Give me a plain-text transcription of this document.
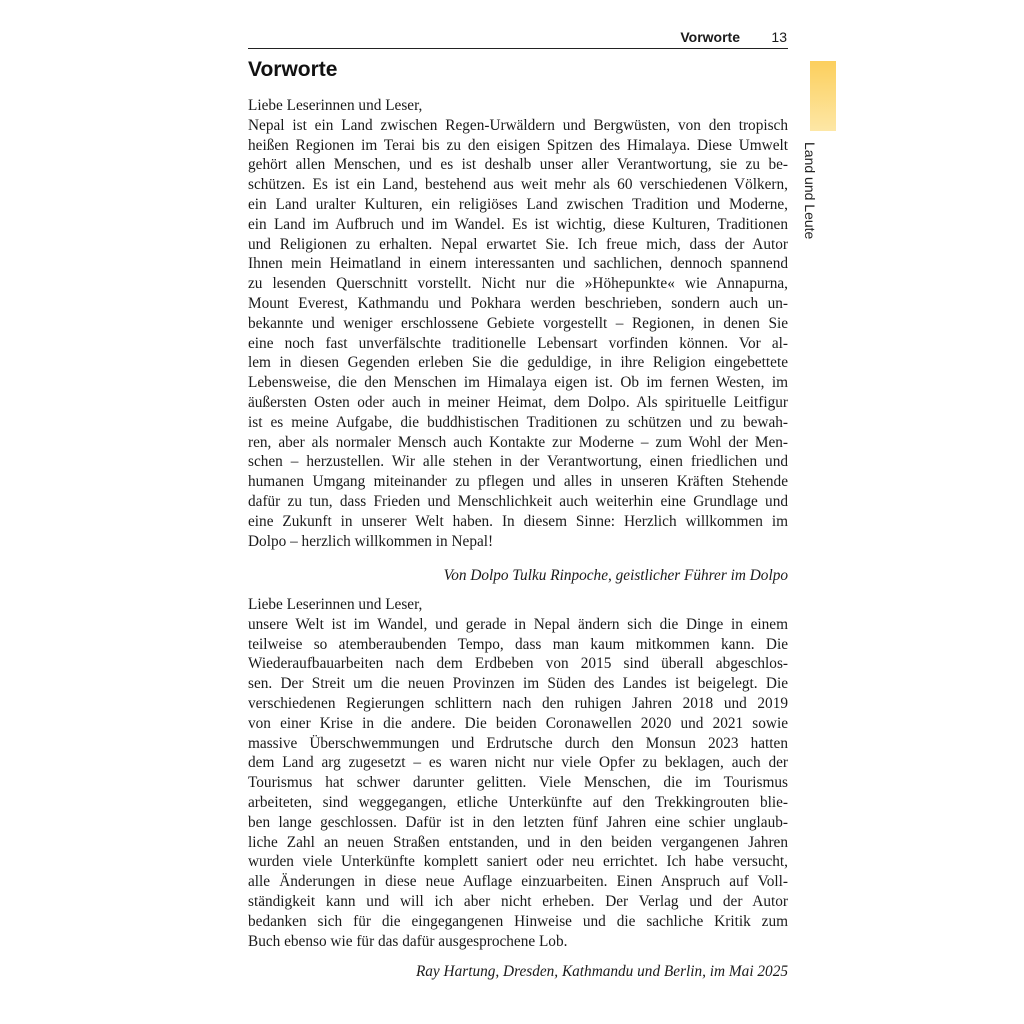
Vorworte 13
Land und Leute
Vorworte
Liebe Leserinnen und Leser,
Nepal ist ein Land zwischen Regen-Urwäldern und Bergwüsten, von den tropisch
heißen Regionen im Terai bis zu den eisigen Spitzen des Himalaya. Diese Umwelt
gehört allen Menschen, und es ist deshalb unser aller Verantwortung, sie zu be-
schützen. Es ist ein Land, bestehend aus weit mehr als 60 verschiedenen Völkern,
ein Land uralter Kulturen, ein religiöses Land zwischen Tradition und Moderne,
ein Land im Aufbruch und im Wandel. Es ist wichtig, diese Kulturen, Traditionen
und Religionen zu erhalten. Nepal erwartet Sie. Ich freue mich, dass der Autor
Ihnen mein Heimatland in einem interessanten und sachlichen, dennoch spannend
zu lesenden Querschnitt vorstellt. Nicht nur die »Höhepunkte« wie Annapurna,
Mount Everest, Kathmandu und Pokhara werden beschrieben, sondern auch un-
bekannte und weniger erschlossene Gebiete vorgestellt – Regionen, in denen Sie
eine noch fast unverfälschte traditionelle Lebensart vorfinden können. Vor al-
lem in diesen Gegenden erleben Sie die geduldige, in ihre Religion eingebettete
Lebensweise, die den Menschen im Himalaya eigen ist. Ob im fernen Westen, im
äußersten Osten oder auch in meiner Heimat, dem Dolpo. Als spirituelle Leitfigur
ist es meine Aufgabe, die buddhistischen Traditionen zu schützen und zu bewah-
ren, aber als normaler Mensch auch Kontakte zur Moderne – zum Wohl der Men-
schen – herzustellen. Wir alle stehen in der Verantwortung, einen friedlichen und
humanen Umgang miteinander zu pflegen und alles in unseren Kräften Stehende
dafür zu tun, dass Frieden und Menschlichkeit auch weiterhin eine Grundlage und
eine Zukunft in unserer Welt haben. In diesem Sinne: Herzlich willkommen im
Dolpo – herzlich willkommen in Nepal!
Von Dolpo Tulku Rinpoche, geistlicher Führer im Dolpo
Liebe Leserinnen und Leser,
unsere Welt ist im Wandel, und gerade in Nepal ändern sich die Dinge in einem
teilweise so atemberaubenden Tempo, dass man kaum mitkommen kann. Die
Wiederaufbauarbeiten nach dem Erdbeben von 2015 sind überall abgeschlos-
sen. Der Streit um die neuen Provinzen im Süden des Landes ist beigelegt. Die
verschiedenen Regierungen schlittern nach den ruhigen Jahren 2018 und 2019
von einer Krise in die andere. Die beiden Coronawellen 2020 und 2021 sowie
massive Überschwemmungen und Erdrutsche durch den Monsun 2023 hatten
dem Land arg zugesetzt – es waren nicht nur viele Opfer zu beklagen, auch der
Tourismus hat schwer darunter gelitten. Viele Menschen, die im Tourismus
arbeiteten, sind weggegangen, etliche Unterkünfte auf den Trekkingrouten blie-
ben lange geschlossen. Dafür ist in den letzten fünf Jahren eine schier unglaub-
liche Zahl an neuen Straßen entstanden, und in den beiden vergangenen Jahren
wurden viele Unterkünfte komplett saniert oder neu errichtet. Ich habe versucht,
alle Änderungen in diese neue Auflage einzuarbeiten. Einen Anspruch auf Voll-
ständigkeit kann und will ich aber nicht erheben. Der Verlag und der Autor
bedanken sich für die eingegangenen Hinweise und die sachliche Kritik zum
Buch ebenso wie für das dafür ausgesprochene Lob.
Ray Hartung, Dresden, Kathmandu und Berlin, im Mai 2025
